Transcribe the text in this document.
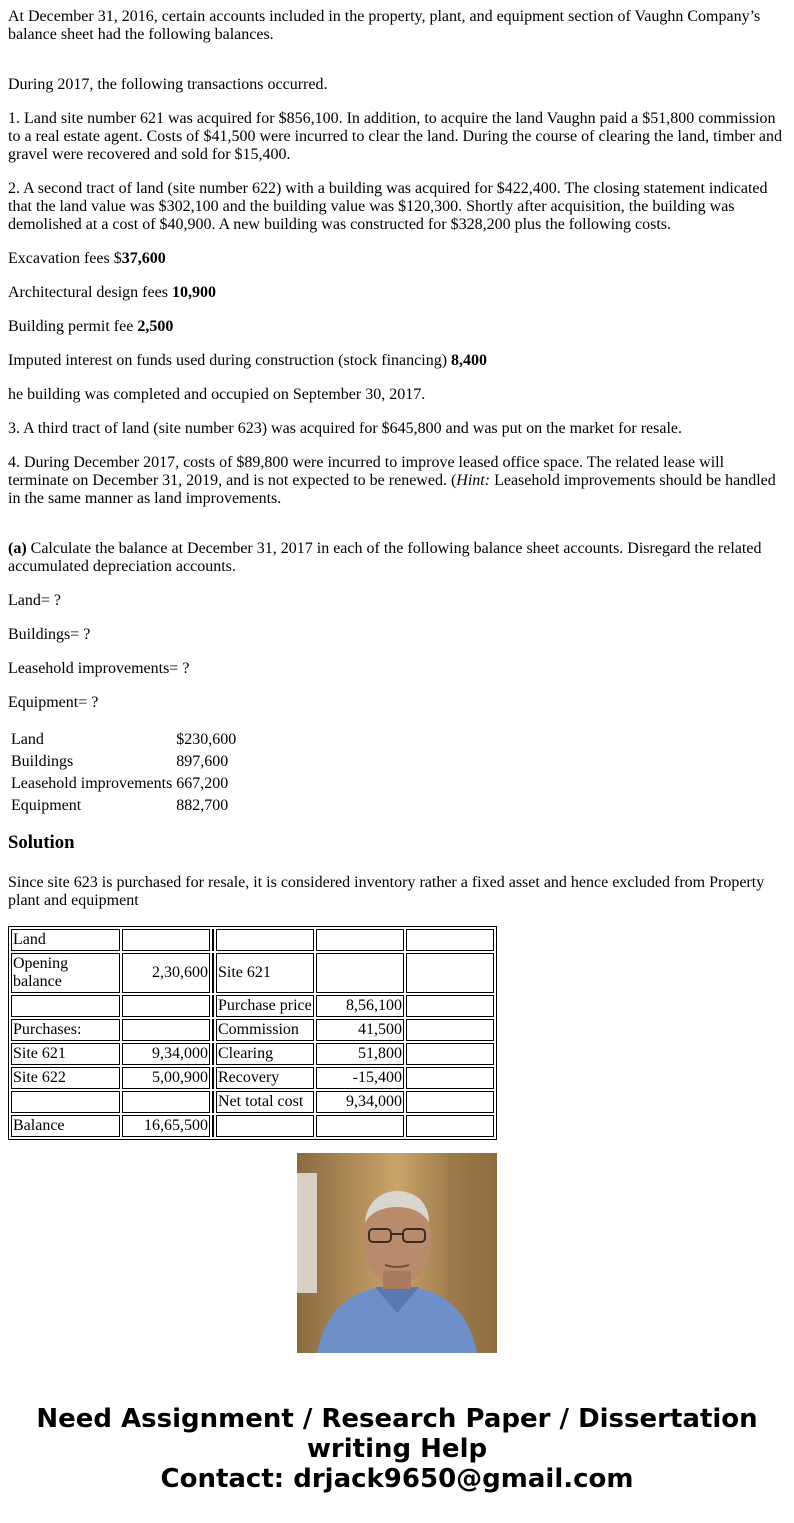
At December 31, 2016, certain accounts included in the property, plant, and equipment section of Vaughn Company’s balance sheet had the following balances.

During 2017, the following transactions occurred.

1. Land site number 621 was acquired for $856,100. In addition, to acquire the land Vaughn paid a $51,800 commission to a real estate agent. Costs of $41,500 were incurred to clear the land. During the course of clearing the land, timber and gravel were recovered and sold for $15,400.

2. A second tract of land (site number 622) with a building was acquired for $422,400. The closing statement indicated that the land value was $302,100 and the building value was $120,300. Shortly after acquisition, the building was demolished at a cost of $40,900. A new building was constructed for $328,200 plus the following costs.

Excavation fees $37,600

Architectural design fees 10,900

Building permit fee 2,500

Imputed interest on funds used during construction (stock financing) 8,400

he building was completed and occupied on September 30, 2017.

3. A third tract of land (site number 623) was acquired for $645,800 and was put on the market for resale.

4. During December 2017, costs of $89,800 were incurred to improve leased office space. The related lease will terminate on December 31, 2019, and is not expected to be renewed. (Hint: Leasehold improvements should be handled in the same manner as land improvements.

(a) Calculate the balance at December 31, 2017 in each of the following balance sheet accounts. Disregard the related accumulated depreciation accounts.

Land= ?

Buildings= ?

Leasehold improvements= ?

Equipment= ?

Land	$230,600
Buildings	897,600
Leasehold improvements	667,200
Equipment	882,700
Solution

Since site 623 is purchased for resale, it is considered inventory rather a fixed asset and hence excluded from Property plant and equipment

Land					
Opening balance	2,30,600		Site 621		
			Purchase price	8,56,100	
Purchases:			Commission	41,500	
Site 621	9,34,000		Clearing	51,800	
Site 622	5,00,900		Recovery	-15,400	
			Net total cost	9,34,000	
Balance	16,65,500				
Need Assignment / Research Paper / Dissertation
writing Help
Contact: drjack9650@gmail.com
